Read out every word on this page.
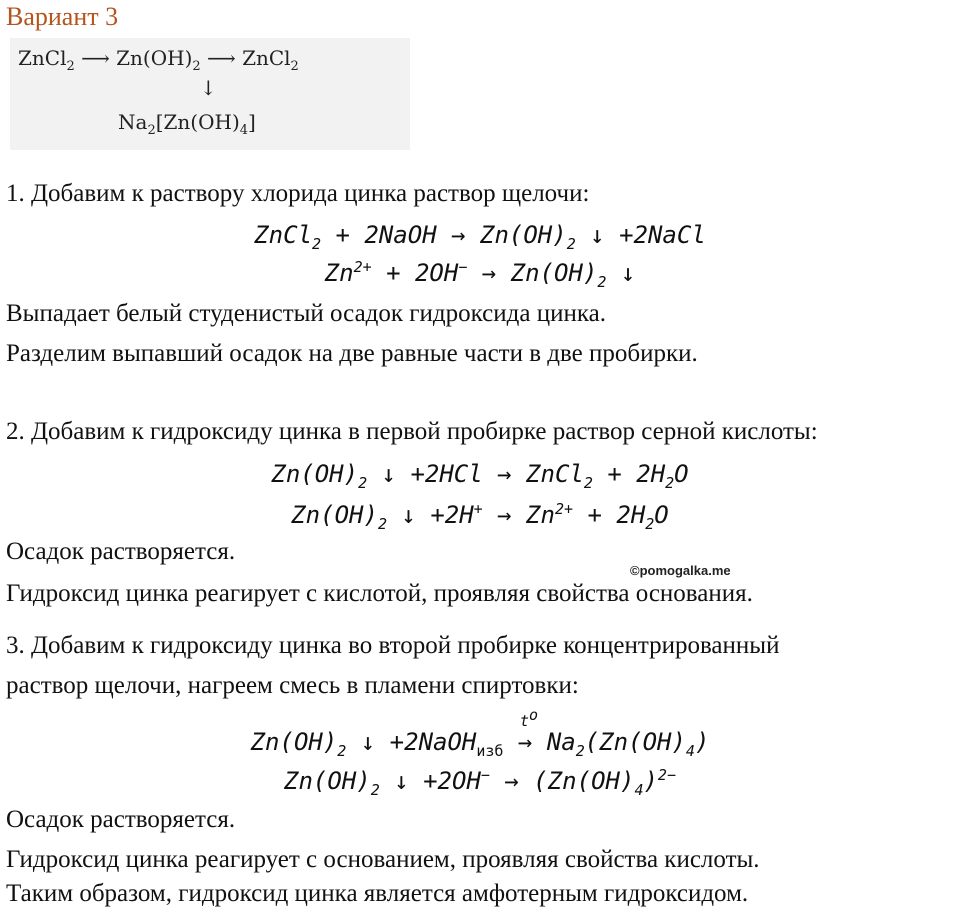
Вариант 3
ZnCl$_2$ ⟶ $Zn(OH)_2$ ⟶ ZnCl$_2$
↓
$Na_2[Zn(OH)_4]$
1. Добавим к раствору хлорида цинка раствор щелочи:
ZnCl$_2$ + 2NaOH → $Zn(OH)_2$ ↓ +2NaCl
$Zn^{2+} + 2OH^- \to Zn(OH)_2$ ↓
Выпадает белый студенистый осадок гидроксида цинка.
Разделим выпавший осадок на две равные части в две пробирки.
2. Добавим к гидроксиду цинка в первой пробирке раствор серной кислоты:
$Zn(OH)_2$ ↓ +2HCl → ZnCl$_2$ + $2H_2O$
$Zn(OH)_2$ ↓ $+2H^+ \to Zn^{2+} + 2H_2O$
Осадок растворяется.
©pomogalka.me
Гидроксид цинка реагирует с кислотой, проявляя свойства основания.
3. Добавим к гидроксиду цинка во второй пробирке концентрированный
раствор щелочи, нагреем смесь в пламени спиртовки:
$Zn(OH)_2$ ↓ +2NaOH$_{изб}$ →
$t^o$
$Na_2(Zn(OH)_4)$
$Zn(OH)_2$ ↓ $+2OH^- \to (Zn(OH)_4)^{2-}$
Осадок растворяется.
Гидроксид цинка реагирует с основанием, проявляя свойства кислоты.
Таким образом, гидроксид цинка является амфотерным гидроксидом.
